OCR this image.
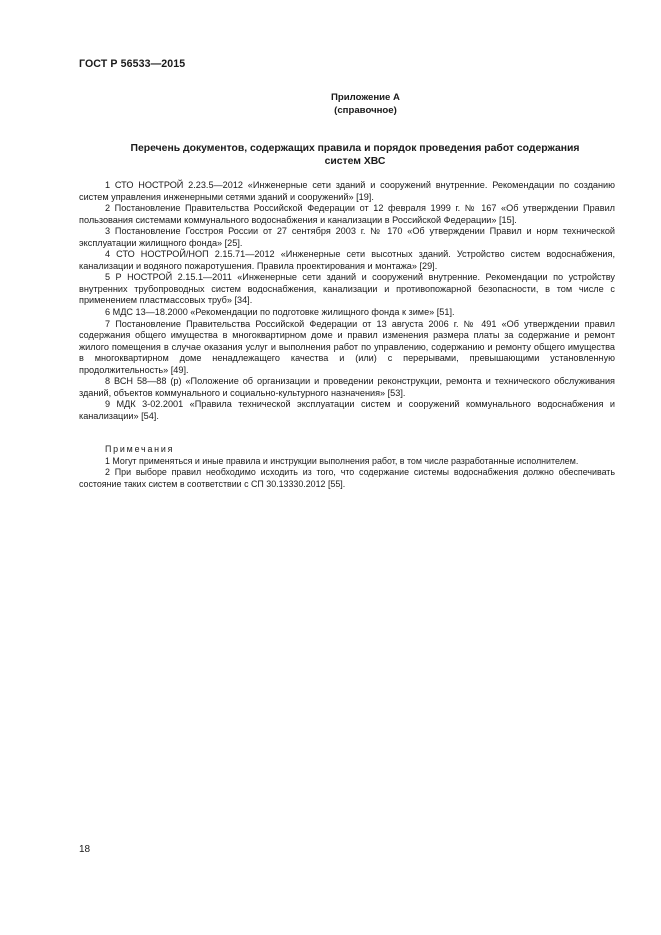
ГОСТ Р 56533—2015
Приложение А
(справочное)
Перечень документов, содержащих правила и порядок проведения работ содержания
систем ХВС

1 СТО НОСТРОЙ 2.23.5—2012 «Инженерные сети зданий и сооружений внутренние. Рекомендации по созданию систем управления инженерными сетями зданий и сооружений» [19].

2 Постановление Правительства Российской Федерации от 12 февраля 1999 г. № 167 «Об утверждении Правил пользования системами коммунального водоснабжения и канализации в Российской Федерации» [15].

3 Постановление Госстроя России от 27 сентября 2003 г. № 170 «Об утверждении Правил и норм технической эксплуатации жилищного фонда» [25].

4 СТО НОСТРОЙ/НОП 2.15.71—2012 «Инженерные сети высотных зданий. Устройство систем водоснабжения, канализации и водяного пожаротушения. Правила проектирования и монтажа» [29].

5 Р НОСТРОЙ 2.15.1—2011 «Инженерные сети зданий и сооружений внутренние. Рекомендации по устройству внутренних трубопроводных систем водоснабжения, канализации и противопожарной безопасности, в том числе с применением пластмассовых труб» [34].

6 МДС 13—18.2000 «Рекомендации по подготовке жилищного фонда к зиме» [51].

7 Постановление Правительства Российской Федерации от 13 августа 2006 г. № 491 «Об утверждении правил содержания общего имущества в многоквартирном доме и правил изменения размера платы за содержание и ремонт жилого помещения в случае оказания услуг и выполнения работ по управлению, содержанию и ремонту общего имущества в многоквартирном доме ненадлежащего качества и (или) с перерывами, превышающими установленную продолжительность» [49].

8 ВСН 58—88 (р) «Положение об организации и проведении реконструкции, ремонта и технического обслуживания зданий, объектов коммунального и социально-культурного назначения» [53].

9 МДК 3-02.2001 «Правила технической эксплуатации систем и сооружений коммунального водоснабжения и канализации» [54].

Примечания

1 Могут применяться и иные правила и инструкции выполнения работ, в том числе разработанные исполнителем.

2 При выборе правил необходимо исходить из того, что содержание системы водоснабжения должно обеспечивать состояние таких систем в соответствии с СП 30.13330.2012 [55].

18
